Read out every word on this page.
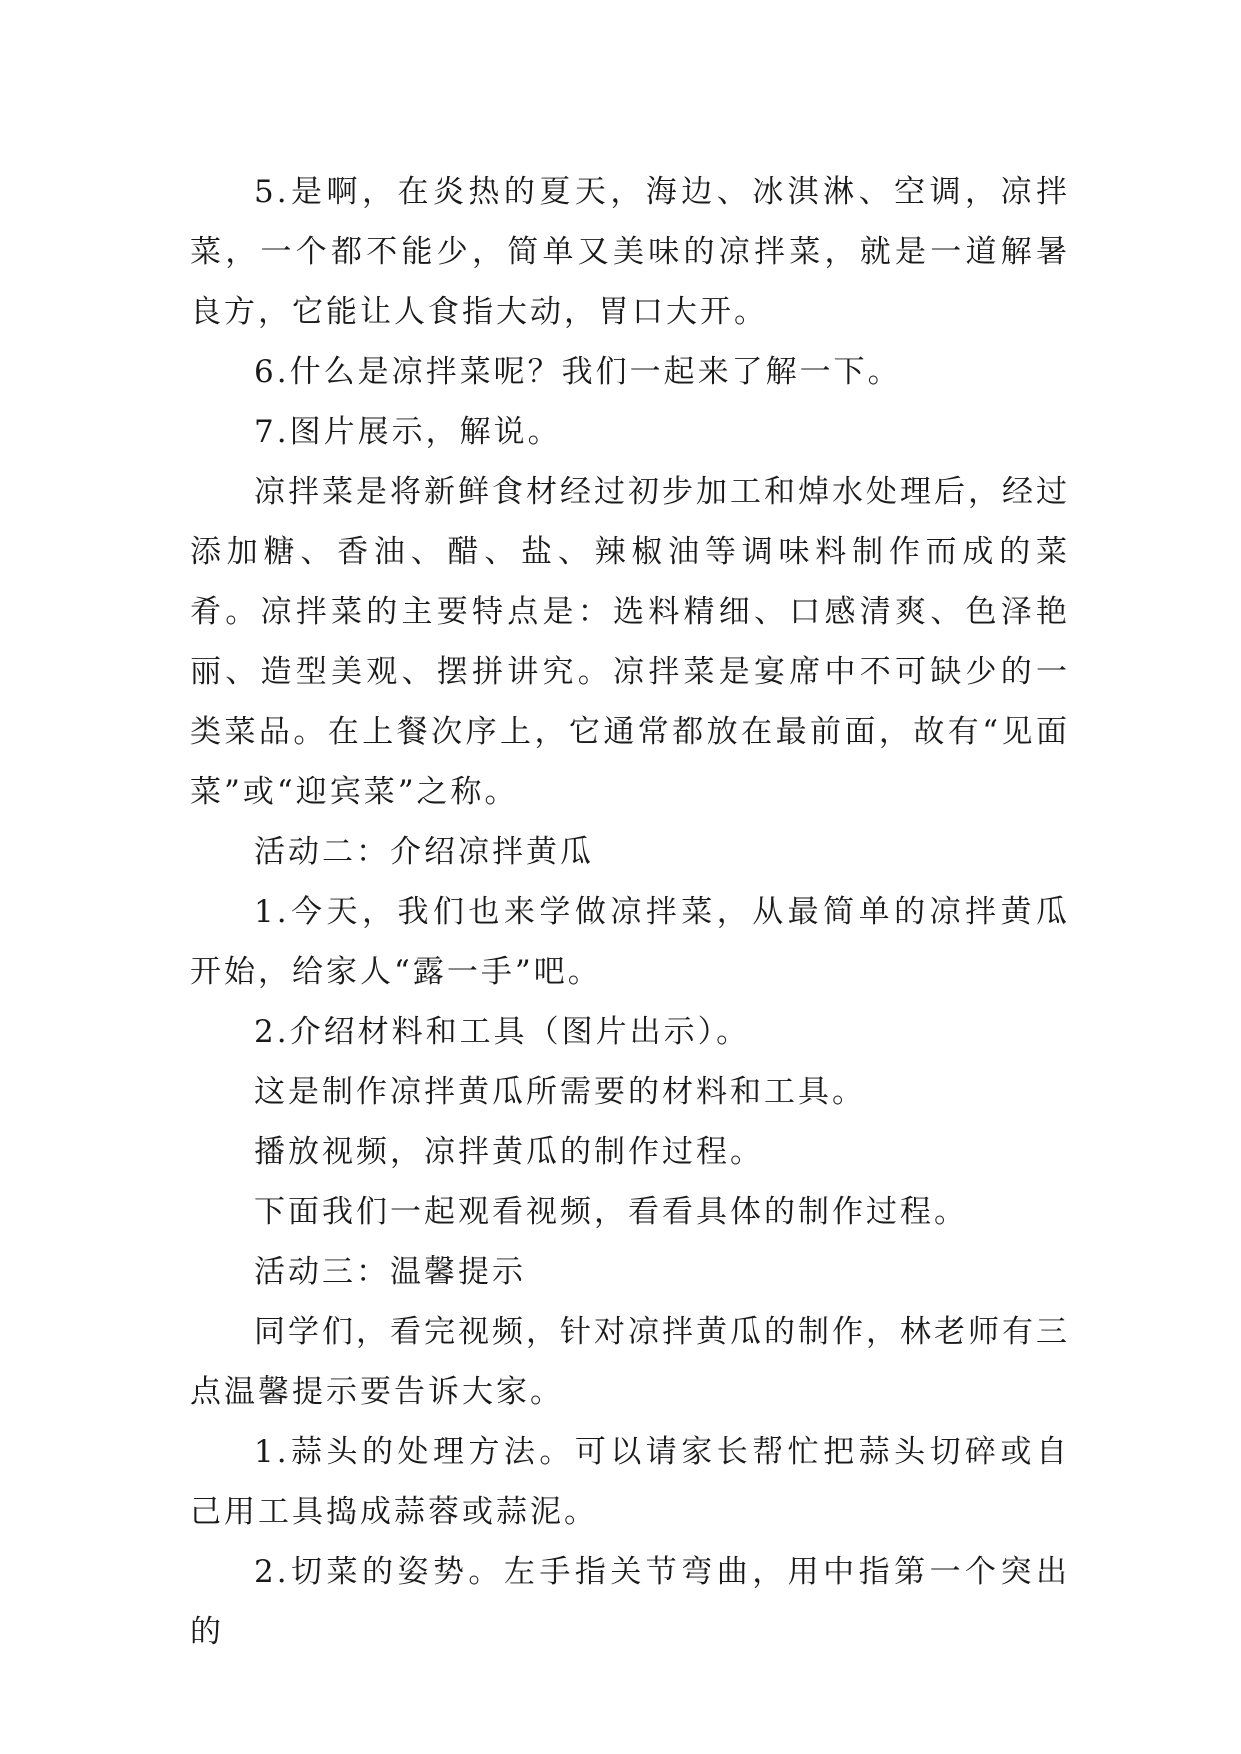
5.是啊，在炎热的夏天，海边、冰淇淋、空调，凉拌菜，一个都不能少，简单又美味的凉拌菜，就是一道解暑良方，它能让人食指大动，胃口大开。

6.什么是凉拌菜呢？我们一起来了解一下。

7.图片展示，解说。

凉拌菜是将新鲜食材经过初步加工和焯水处理后，经过添加糖、香油、醋、盐、辣椒油等调味料制作而成的菜肴。凉拌菜的主要特点是：选料精细、口感清爽、色泽艳丽、造型美观、摆拼讲究。凉拌菜是宴席中不可缺少的一类菜品。在上餐次序上，它通常都放在最前面，故有“见面菜”或“迎宾菜”之称。

活动二：介绍凉拌黄瓜

1.今天，我们也来学做凉拌菜，从最简单的凉拌黄瓜开始，给家人“露一手”吧。

2.介绍材料和工具（图片出示）。

这是制作凉拌黄瓜所需要的材料和工具。

播放视频，凉拌黄瓜的制作过程。

下面我们一起观看视频，看看具体的制作过程。

活动三：温馨提示

同学们，看完视频，针对凉拌黄瓜的制作，林老师有三点温馨提示要告诉大家。

1.蒜头的处理方法。可以请家长帮忙把蒜头切碎或自己用工具捣成蒜蓉或蒜泥。

2.切菜的姿势。左手指关节弯曲，用中指第一个突出的
